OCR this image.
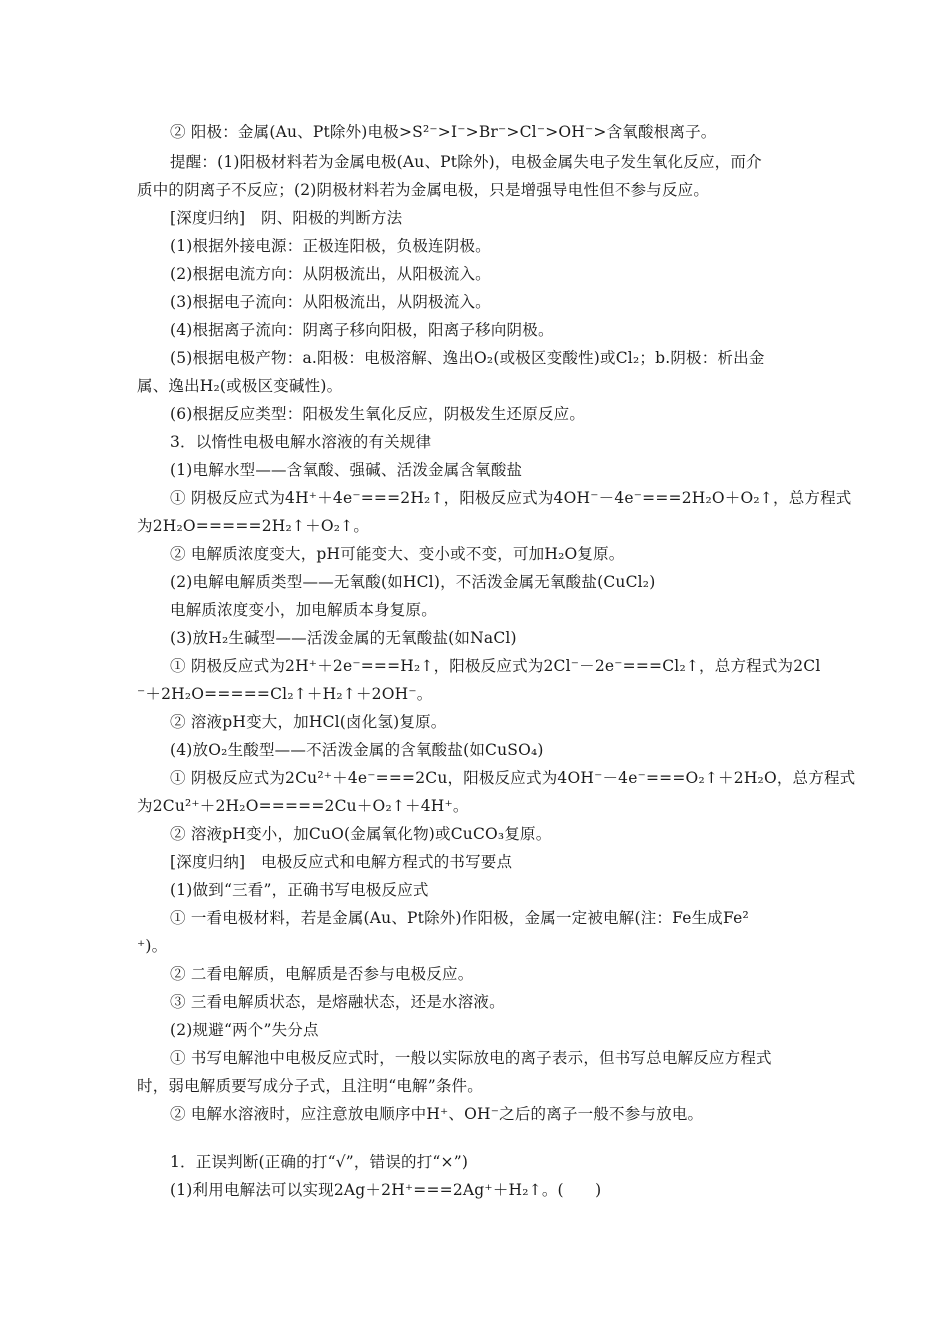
② 阳极：金属(Au、Pt除外)电极>S²⁻>I⁻>Br⁻>Cl⁻>OH⁻>含氧酸根离子。
提醒：(1)阳极材料若为金属电极(Au、Pt除外)，电极金属失电子发生氧化反应，而介
质中的阴离子不反应；(2)阴极材料若为金属电极，只是增强导电性但不参与反应。
[深度归纳]　阴、阳极的判断方法
(1)根据外接电源：正极连阳极，负极连阴极。
(2)根据电流方向：从阴极流出，从阳极流入。
(3)根据电子流向：从阳极流出，从阴极流入。
(4)根据离子流向：阴离子移向阳极，阳离子移向阴极。
(5)根据电极产物：a.阳极：电极溶解、逸出O₂(或极区变酸性)或Cl₂；b.阴极：析出金
属、逸出H₂(或极区变碱性)。
(6)根据反应类型：阳极发生氧化反应，阴极发生还原反应。
3．以惰性电极电解水溶液的有关规律
(1)电解水型——含氧酸、强碱、活泼金属含氧酸盐
① 阴极反应式为4H⁺＋4e⁻===2H₂↑，阳极反应式为4OH⁻－4e⁻===2H₂O＋O₂↑，总方程式
为2H₂O=====2H₂↑＋O₂↑。
② 电解质浓度变大，pH可能变大、变小或不变，可加H₂O复原。
(2)电解电解质类型——无氧酸(如HCl)，不活泼金属无氧酸盐(CuCl₂)
电解质浓度变小，加电解质本身复原。
(3)放H₂生碱型——活泼金属的无氧酸盐(如NaCl)
① 阴极反应式为2H⁺＋2e⁻===H₂↑，阳极反应式为2Cl⁻－2e⁻===Cl₂↑，总方程式为2Cl
⁻＋2H₂O=====Cl₂↑＋H₂↑＋2OH⁻。
② 溶液pH变大，加HCl(卤化氢)复原。
(4)放O₂生酸型——不活泼金属的含氧酸盐(如CuSO₄)
① 阴极反应式为2Cu²⁺＋4e⁻===2Cu，阳极反应式为4OH⁻－4e⁻===O₂↑＋2H₂O，总方程式
为2Cu²⁺＋2H₂O=====2Cu＋O₂↑＋4H⁺。
② 溶液pH变小，加CuO(金属氧化物)或CuCO₃复原。
[深度归纳]　电极反应式和电解方程式的书写要点
(1)做到“三看”，正确书写电极反应式
① 一看电极材料，若是金属(Au、Pt除外)作阳极，金属一定被电解(注：Fe生成Fe²
⁺)。
② 二看电解质，电解质是否参与电极反应。
③ 三看电解质状态，是熔融状态，还是水溶液。
(2)规避“两个”失分点
① 书写电解池中电极反应式时，一般以实际放电的离子表示，但书写总电解反应方程式
时，弱电解质要写成分子式，且注明“电解”条件。
② 电解水溶液时，应注意放电顺序中H⁺、OH⁻之后的离子一般不参与放电。
1．正误判断(正确的打“√”，错误的打“×”)
(1)利用电解法可以实现2Ag＋2H⁺===2Ag⁺＋H₂↑。(　　)
